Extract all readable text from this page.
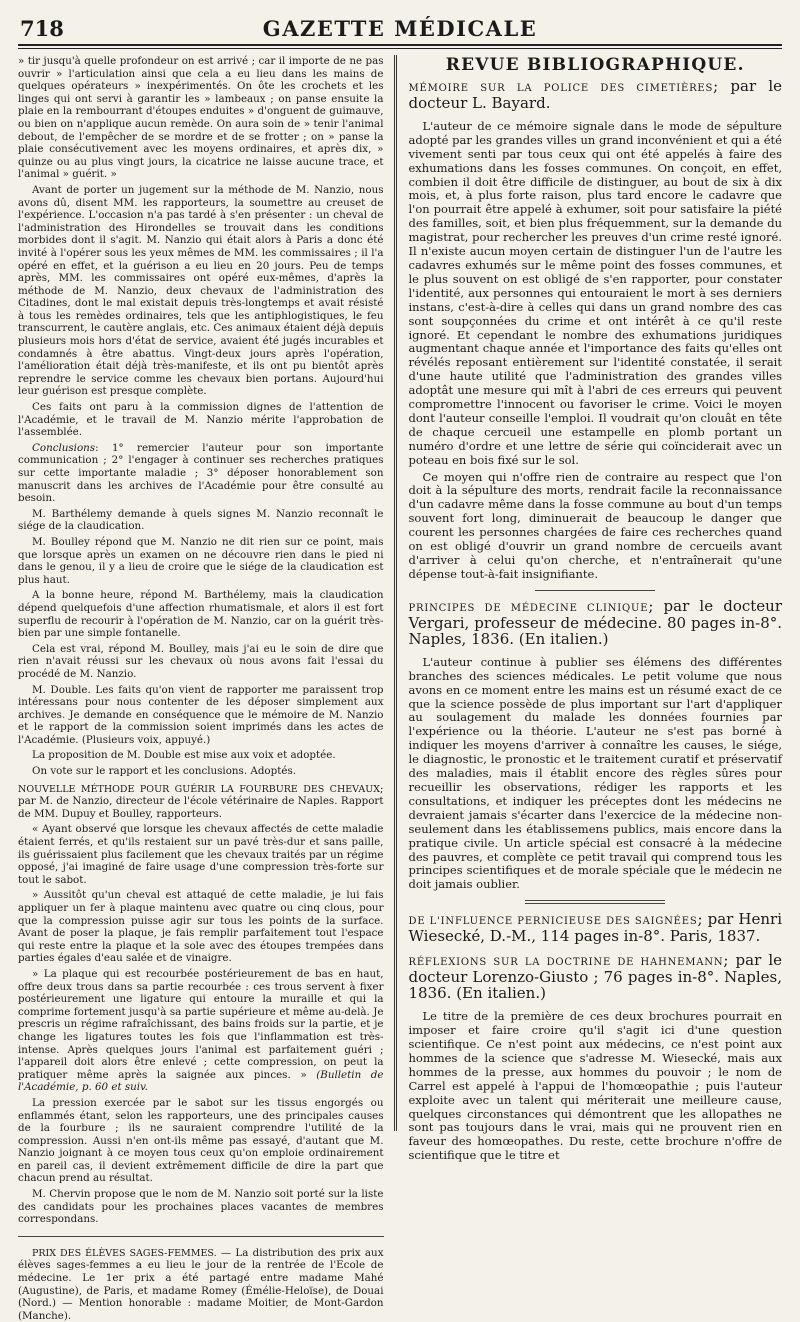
718	GAZETTE MÉDICALE

» tir jusqu'à quelle profondeur on est arrivé ; car il importe de ne pas ouvrir » l'articulation ainsi que cela a eu lieu dans les mains de quelques opérateurs » inexpérimentés. On ôte les crochets et les linges qui ont servi à garantir les » lambeaux ; on panse ensuite la plaie en la rembourrant d'étoupes enduites » d'onguent de guimauve, ou bien on n'applique aucun remède. On aura soin de » tenir l'animal debout, de l'empêcher de se mordre et de se frotter ; on » panse la plaie consécutivement avec les moyens ordinaires, et après dix, » quinze ou au plus vingt jours, la cicatrice ne laisse aucune trace, et l'animal » guérit. »

Avant de porter un jugement sur la méthode de M. Nanzio, nous avons dû, disent MM. les rapporteurs, la soumettre au creuset de l'expérience. L'occasion n'a pas tardé à s'en présenter : un cheval de l'administration des Hirondelles se trouvait dans les conditions morbides dont il s'agit. M. Nanzio qui était alors à Paris a donc été invité à l'opérer sous les yeux mêmes de MM. les commissaires ; il l'a opéré en effet, et la guérison a eu lieu en 20 jours. Peu de temps après, MM. les commissaires ont opéré eux-mêmes, d'après la méthode de M. Nanzio, deux chevaux de l'administration des Citadines, dont le mal existait depuis très-longtemps et avait résisté à tous les remèdes ordinaires, tels que les antiphlogistiques, le feu transcurrent, le cautère anglais, etc. Ces animaux étaient déjà depuis plusieurs mois hors d'état de service, avaient été jugés incurables et condamnés à être abattus. Vingt-deux jours après l'opération, l'amélioration était déjà très-manifeste, et ils ont pu bientôt après reprendre le service comme les chevaux bien portans. Aujourd'hui leur guérison est presque complète.

Ces faits ont paru à la commission dignes de l'attention de l'Académie, et le travail de M. Nanzio mérite l'approbation de l'assemblée.

Conclusions: 1° remercier l'auteur pour son importante communication ; 2° l'engager à continuer ses recherches pratiques sur cette importante maladie ; 3° déposer honorablement son manuscrit dans les archives de l'Académie pour être consulté au besoin.

M. Barthélemy demande à quels signes M. Nanzio reconnaît le siége de la claudication.

M. Boulley répond que M. Nanzio ne dit rien sur ce point, mais que lorsque après un examen on ne découvre rien dans le pied ni dans le genou, il y a lieu de croire que le siége de la claudication est plus haut.

A la bonne heure, répond M. Barthélemy, mais la claudication dépend quelquefois d'une affection rhumatismale, et alors il est fort superflu de recourir à l'opération de M. Nanzio, car on la guérit très-bien par une simple fontanelle.

Cela est vrai, répond M. Boulley, mais j'ai eu le soin de dire que rien n'avait réussi sur les chevaux où nous avons fait l'essai du procédé de M. Nanzio.

M. Double. Les faits qu'on vient de rapporter me paraissent trop intéressans pour nous contenter de les déposer simplement aux archives. Je demande en conséquence que le mémoire de M. Nanzio et le rapport de la commission soient imprimés dans les actes de l'Académie. (Plusieurs voix, appuyé.)

La proposition de M. Double est mise aux voix et adoptée.

On vote sur le rapport et les conclusions. Adoptés.

NOUVELLE MÉTHODE POUR GUÉRIR LA FOURBURE DES CHEVAUX; par M. de Nanzio, directeur de l'école vétérinaire de Naples. Rapport de MM. Dupuy et Boulley, rapporteurs.

« Ayant observé que lorsque les chevaux affectés de cette maladie étaient ferrés, et qu'ils restaient sur un pavé très-dur et sans paille, ils guérissaient plus facilement que les chevaux traités par un régime opposé, j'ai imaginé de faire usage d'une compression très-forte sur tout le sabot.

» Aussitôt qu'un cheval est attaqué de cette maladie, je lui fais appliquer un fer à plaque maintenu avec quatre ou cinq clous, pour que la compression puisse agir sur tous les points de la surface. Avant de poser la plaque, je fais remplir parfaitement tout l'espace qui reste entre la plaque et la sole avec des étoupes trempées dans parties égales d'eau salée et de vinaigre.

» La plaque qui est recourbée postérieurement de bas en haut, offre deux trous dans sa partie recourbée : ces trous servent à fixer postérieurement une ligature qui entoure la muraille et qui la comprime fortement jusqu'à sa partie supérieure et même au-delà. Je prescris un régime rafraîchissant, des bains froids sur la partie, et je change les ligatures toutes les fois que l'inflammation est très-intense. Après quelques jours l'animal est parfaitement guéri ; l'appareil doit alors être enlevé ; cette compression, on peut la pratiquer même après la saignée aux pinces. » (Bulletin de l'Académie, p. 60 et suiv.

La pression exercée par le sabot sur les tissus engorgés ou enflammés étant, selon les rapporteurs, une des principales causes de la fourbure ; ils ne sauraient comprendre l'utilité de la compression. Aussi n'en ont-ils même pas essayé, d'autant que M. Nanzio joignant à ce moyen tous ceux qu'on emploie ordinairement en pareil cas, il devient extrêmement difficile de dire la part que chacun prend au résultat.

M. Chervin propose que le nom de M. Nanzio soit porté sur la liste des candidats pour les prochaines places vacantes de membres correspondans.

PRIX DES ÉLÈVES SAGES-FEMMES. — La distribution des prix aux élèves sages-femmes a eu lieu le jour de la rentrée de l'Ecole de médecine. Le 1er prix a été partagé entre madame Mahé (Augustine), de Paris, et madame Romey (Émélie-Heloïse), de Douai (Nord.) — Mention honorable : madame Moitier, de Mont-Gardon (Manche).

REVUE BIBLIOGRAPHIQUE.

MÉMOIRE SUR LA POLICE DES CIMETIÈRES; par le docteur L. Bayard.

L'auteur de ce mémoire signale dans le mode de sépulture adopté par les grandes villes un grand inconvénient et qui a été vivement senti par tous ceux qui ont été appelés à faire des exhumations dans les fosses communes. On conçoit, en effet, combien il doit être difficile de distinguer, au bout de six à dix mois, et, à plus forte raison, plus tard encore le cadavre que l'on pourrait être appelé à exhumer, soit pour satisfaire la piété des familles, soit, et bien plus fréquemment, sur la demande du magistrat, pour rechercher les preuves d'un crime resté ignoré. Il n'existe aucun moyen certain de distinguer l'un de l'autre les cadavres exhumés sur le même point des fosses communes, et le plus souvent on est obligé de s'en rapporter, pour constater l'identité, aux personnes qui entouraient le mort à ses derniers instans, c'est-à-dire à celles qui dans un grand nombre des cas sont soupçonnées du crime et ont intérêt à ce qu'il reste ignoré. Et cependant le nombre des exhumations juridiques augmentant chaque année et l'importance des faits qu'elles ont révélés reposant entièrement sur l'identité constatée, il serait d'une haute utilité que l'administration des grandes villes adoptât une mesure qui mît à l'abri de ces erreurs qui peuvent compromettre l'innocent ou favoriser le crime. Voici le moyen dont l'auteur conseille l'emploi. Il voudrait qu'on clouât en tête de chaque cercueil une estampelle en plomb portant un numéro d'ordre et une lettre de série qui coïnciderait avec un poteau en bois fixé sur le sol.

Ce moyen qui n'offre rien de contraire au respect que l'on doit à la sépulture des morts, rendrait facile la reconnaissance d'un cadavre même dans la fosse commune au bout d'un temps souvent fort long, diminuerait de beaucoup le danger que courent les personnes chargées de faire ces recherches quand on est obligé d'ouvrir un grand nombre de cercueils avant d'arriver à celui qu'on cherche, et n'entraînerait qu'une dépense tout-à-fait insignifiante.

PRINCIPES DE MÉDECINE CLINIQUE; par le docteur Vergari, professeur de médecine. 80 pages in-8°. Naples, 1836. (En italien.)

L'auteur continue à publier ses élémens des différentes branches des sciences médicales. Le petit volume que nous avons en ce moment entre les mains est un résumé exact de ce que la science possède de plus important sur l'art d'appliquer au soulagement du malade les données fournies par l'expérience ou la théorie. L'auteur ne s'est pas borné à indiquer les moyens d'arriver à connaître les causes, le siége, le diagnostic, le pronostic et le traitement curatif et préservatif des maladies, mais il établit encore des règles sûres pour recueillir les observations, rédiger les rapports et les consultations, et indiquer les préceptes dont les médecins ne devraient jamais s'écarter dans l'exercice de la médecine non-seulement dans les établissemens publics, mais encore dans la pratique civile. Un article spécial est consacré à la médecine des pauvres, et complète ce petit travail qui comprend tous les principes scientifiques et de morale spéciale que le médecin ne doit jamais oublier.

DE L'INFLUENCE PERNICIEUSE DES SAIGNÉES; par Henri Wiesecké, D.-M., 114 pages in-8°. Paris, 1837.

RÉFLEXIONS SUR LA DOCTRINE DE HAHNEMANN; par le docteur Lorenzo-Giusto ; 76 pages in-8°. Naples, 1836. (En italien.)

Le titre de la première de ces deux brochures pourrait en imposer et faire croire qu'il s'agit ici d'une question scientifique. Ce n'est point aux médecins, ce n'est point aux hommes de la science que s'adresse M. Wiesecké, mais aux hommes de la presse, aux hommes du pouvoir ; le nom de Carrel est appelé à l'appui de l'homœopathie ; puis l'auteur exploite avec un talent qui mériterait une meilleure cause, quelques circonstances qui démontrent que les allopathes ne sont pas toujours dans le vrai, mais qui ne prouvent rien en faveur des homœopathes. Du reste, cette brochure n'offre de scientifique que le titre et
